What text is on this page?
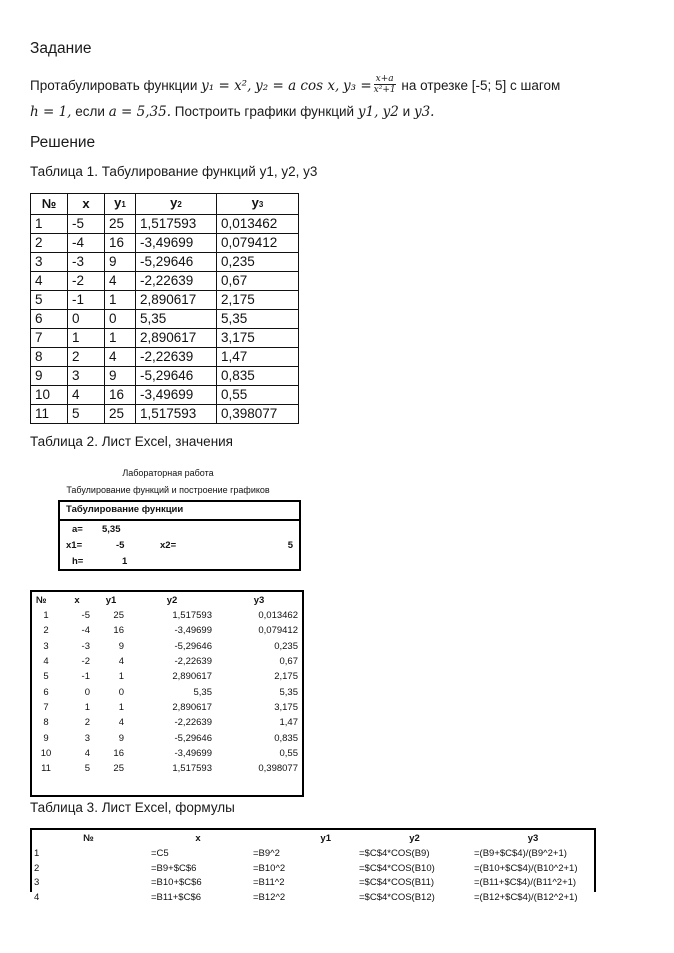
Задание
Протабулировать функции y₁ = x², y₂ = a cos x, $y_3 = \frac{x+a}{\text{x²+1}}$ на отрезке [-5; 5] с шагом
h = 1, если a = 5,35. Построить графики функций y1, y2 и y3.
Решение
Таблица 1. Табулирование функций y1, y2, y3
№	x	y1	y2	y3
1	-5	25	1,517593	0,013462
2	-4	16	-3,49699	0,079412
3	-3	9	-5,29646	0,235
4	-2	4	-2,22639	0,67
5	-1	1	2,890617	2,175
6	0	0	5,35	5,35
7	1	1	2,890617	3,175
8	2	4	-2,22639	1,47
9	3	9	-5,29646	0,835
10	4	16	-3,49699	0,55
11	5	25	1,517593	0,398077
Таблица 2. Лист Excel, значения
Лабораторная работа
Табулирование функций и построение графиков
Табулирование функции
a= 5,35
x1=	-5	x2=	5
h=	1
№	x	y1	y2	y3
1	-5	25	1,517593	0,013462
2	-4	16	-3,49699	0,079412
3	-3	9	-5,29646	0,235
4	-2	4	-2,22639	0,67
5	-1	1	2,890617	2,175
6	0	0	5,35	5,35
7	1	1	2,890617	3,175
8	2	4	-2,22639	1,47
9	3	9	-5,29646	0,835
10	4	16	-3,49699	0,55
11	5	25	1,517593	0,398077
Таблица 3. Лист Excel, формулы
№	x	y1	y2	y3
1	=C5	=B9^2	=$C$4*COS(B9)	=(B9+$C$4)/(B9^2+1)
2	=B9+$C$6	=B10^2	=$C$4*COS(B10)	=(B10+$C$4)/(B10^2+1)
3	=B10+$C$6	=B11^2	=$C$4*COS(B11)	=(B11+$C$4)/(B11^2+1)
4	=B11+$C$6	=B12^2	=$C$4*COS(B12)	=(B12+$C$4)/(B12^2+1)
